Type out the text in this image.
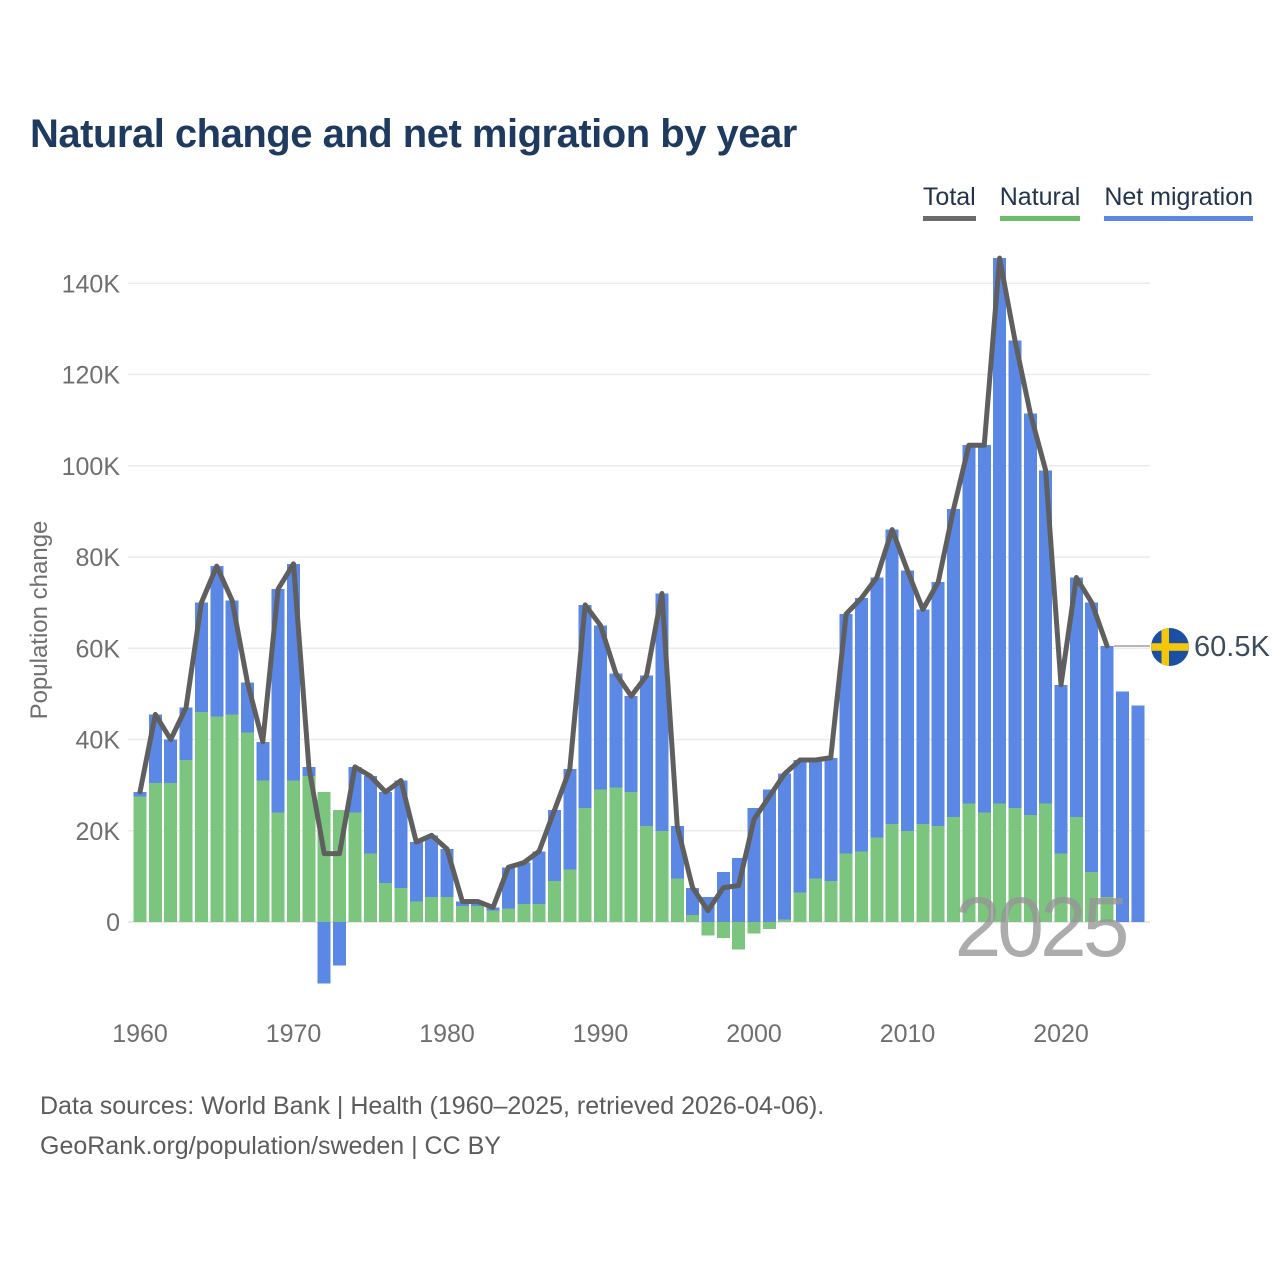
Natural change and net migration by year
Total Natural Net migration
0
20K
40K
60K
80K
100K
120K
140K
Population change
1960	1970	1980	1990	2000	2010	2020
2025
60.5K
Data sources: World Bank | Health (1960–2025, retrieved 2026-04-06).
GeoRank.org/population/sweden | CC BY
